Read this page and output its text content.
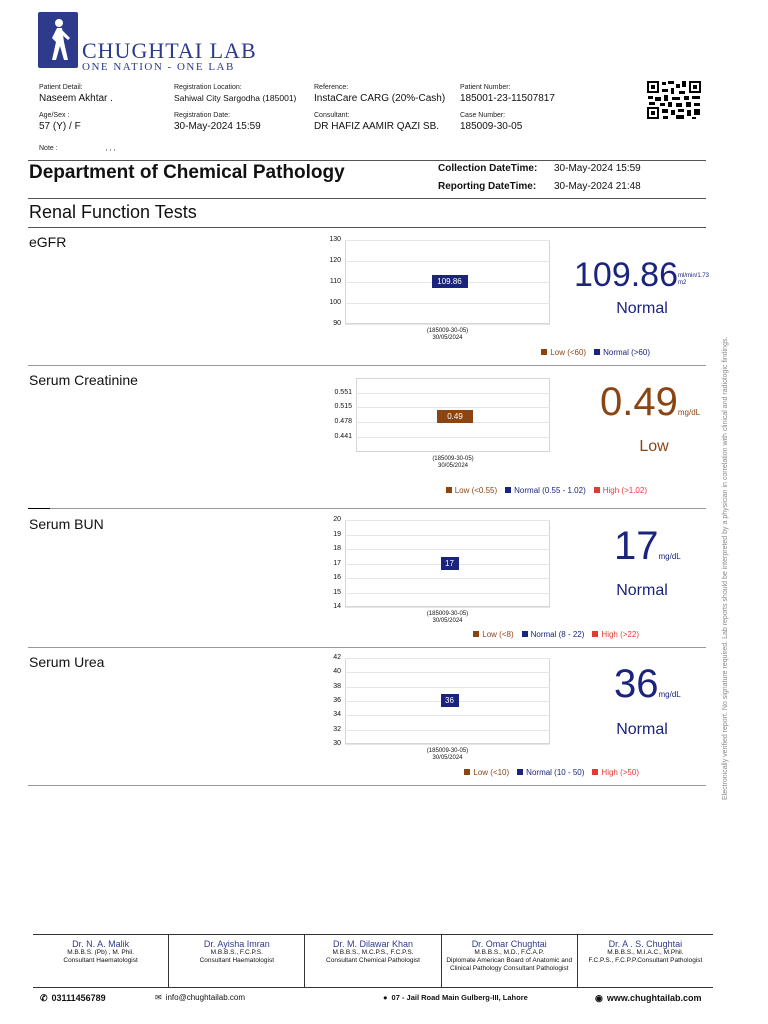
CHUGHTAI LAB
ONE NATION - ONE LAB
Patient Detail:
Naseem Akhtar .
Age/Sex :
57 (Y) / F
Note :	, , ,
Registration Location:
Sahiwal City Sargodha (185001)
Registration Date:
30-May-2024 15:59
Reference:
InstaCare CARG (20%-Cash)
Consultant:
DR HAFIZ AAMIR QAZI SB.
Patient Number:
185001-23-11507817
Case Number:
185009-30-05
Department of Chemical Pathology	Collection DateTime: 30-May-2024 15:59
Reporting DateTime: 30-May-2024 21:48
Renal Function Tests
eGFR	130
120
110
100
90
109.86
(185009-30-05)
30/05/2024
Low (<60) Normal (>60)
109.86ml/min/1.73 m2
Normal
Serum Creatinine
0.551
0.515
0.478
0.441
0.49
(185009-30-05)
30/05/2024
Low (<0.55) Normal (0.55 - 1.02) High (>1.02)
0.49mg/dL
Low
Serum BUN	20
19
18
17
16
15
14
17
(185009-30-05)
30/05/2024
Low (<8) Normal (8 - 22) High (>22)
17mg/dL
Normal
Serum Urea	42
40
38
36
34
32
30
36
(185009-30-05)
30/05/2024
Low (<10) Normal (10 - 50) High (>50)
36mg/dL
Normal	Electronically verified report. No signature required. Lab reports should be interpreted by a physician in correlation with clinical and radiologic findings.
Dr. N. A. Malik
M.B.B.S. (Pb) , M. Phil.
Consultant Haematologist
Dr. Ayisha Imran
M.B.B.S., F.C.P.S.
Consultant Haematologist
Dr. M. Dilawar Khan
M.B.B.S., M.C.P.S., F.C.P.S.
Consultant Chemical Pathologist
Dr. Omar Chughtai
M.B.B.S., M.D., F.C.A.P.
Diplomate American Board of Anatomic and Clinical Pathology Consultant Pathologist
Dr. A . S. Chughtai
M.B.B.S., M.I.A.C., M.Phil.
F.C.P.S., F.C.P.P.Consultant Pathologist
✆ 03111456789	✉ info@chughtailab.com	● 07 - Jail Road Main Gulberg-III, Lahore	◉ www.chughtailab.com
